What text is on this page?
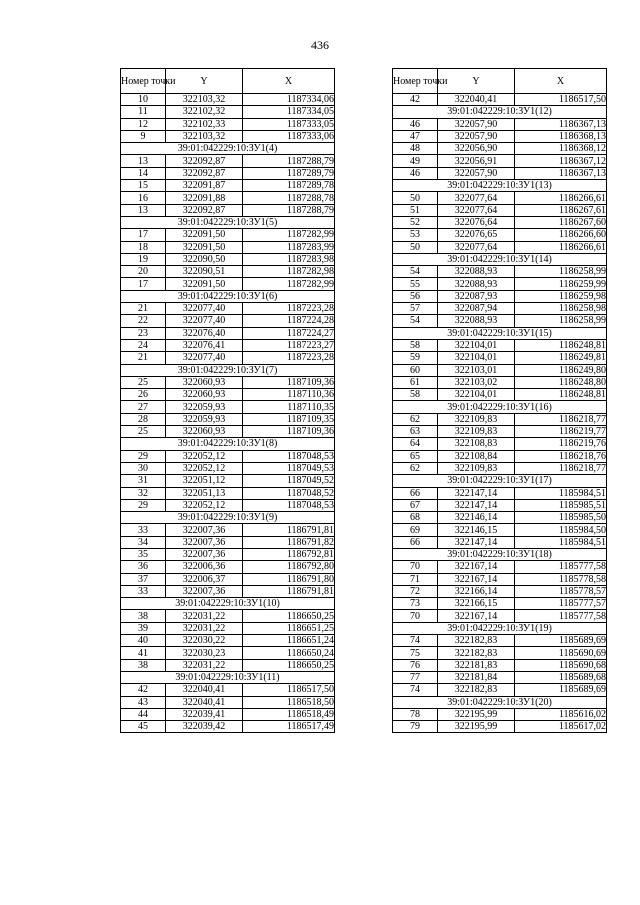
436
Номер точки	Y	X
10	322103,32	1187334,06
11	322102,32	1187334,05
12	322102,33	1187333,05
9	322103,32	1187333,06
39:01:042229:10:ЗУ1(4)		
13	322092,87	1187288,79
14	322092,87	1187289,79
15	322091,87	1187289,78
16	322091,88	1187288,78
13	322092,87	1187288,79
39:01:042229:10:ЗУ1(5)		
17	322091,50	1187282,99
18	322091,50	1187283,99
19	322090,50	1187283,98
20	322090,51	1187282,98
17	322091,50	1187282,99
39:01:042229:10:ЗУ1(6)		
21	322077,40	1187223,28
22	322077,40	1187224,28
23	322076,40	1187224,27
24	322076,41	1187223,27
21	322077,40	1187223,28
39:01:042229:10:ЗУ1(7)		
25	322060,93	1187109,36
26	322060,93	1187110,36
27	322059,93	1187110,35
28	322059,93	1187109,35
25	322060,93	1187109,36
39:01:042229:10:ЗУ1(8)		
29	322052,12	1187048,53
30	322052,12	1187049,53
31	322051,12	1187049,52
32	322051,13	1187048,52
29	322052,12	1187048,53
39:01:042229:10:ЗУ1(9)		
33	322007,36	1186791,81
34	322007,36	1186791,82
35	322007,36	1186792,81
36	322006,36	1186792,80
37	322006,37	1186791,80
33	322007,36	1186791,81
39:01:042229:10:ЗУ1(10)		
38	322031,22	1186650,25
39	322031,22	1186651,25
40	322030,22	1186651,24
41	322030,23	1186650,24
38	322031,22	1186650,25
39:01:042229:10:ЗУ1(11)		
42	322040,41	1186517,50
43	322040,41	1186518,50
44	322039,41	1186518,49
45	322039,42	1186517,49
Номер точки	Y	X
42	322040,41	1186517,50
39:01:042229:10:ЗУ1(12)		
46	322057,90	1186367,13
47	322057,90	1186368,13
48	322056,90	1186368,12
49	322056,91	1186367,12
46	322057,90	1186367,13
39:01:042229:10:ЗУ1(13)		
50	322077,64	1186266,61
51	322077,64	1186267,61
52	322076,64	1186267,60
53	322076,65	1186266,60
50	322077,64	1186266,61
39:01:042229:10:ЗУ1(14)		
54	322088,93	1186258,99
55	322088,93	1186259,99
56	322087,93	1186259,98
57	322087,94	1186258,98
54	322088,93	1186258,99
39:01:042229:10:ЗУ1(15)		
58	322104,01	1186248,81
59	322104,01	1186249,81
60	322103,01	1186249,80
61	322103,02	1186248,80
58	322104,01	1186248,81
39:01:042229:10:ЗУ1(16)		
62	322109,83	1186218,77
63	322109,83	1186219,77
64	322108,83	1186219,76
65	322108,84	1186218,76
62	322109,83	1186218,77
39:01:042229:10:ЗУ1(17)		
66	322147,14	1185984,51
67	322147,14	1185985,51
68	322146,14	1185985,50
69	322146,15	1185984,50
66	322147,14	1185984,51
39:01:042229:10:ЗУ1(18)		
70	322167,14	1185777,58
71	322167,14	1185778,58
72	322166,14	1185778,57
73	322166,15	1185777,57
70	322167,14	1185777,58
39:01:042229:10:ЗУ1(19)		
74	322182,83	1185689,69
75	322182,83	1185690,69
76	322181,83	1185690,68
77	322181,84	1185689,68
74	322182,83	1185689,69
39:01:042229:10:ЗУ1(20)		
78	322195,99	1185616,02
79	322195,99	1185617,02
